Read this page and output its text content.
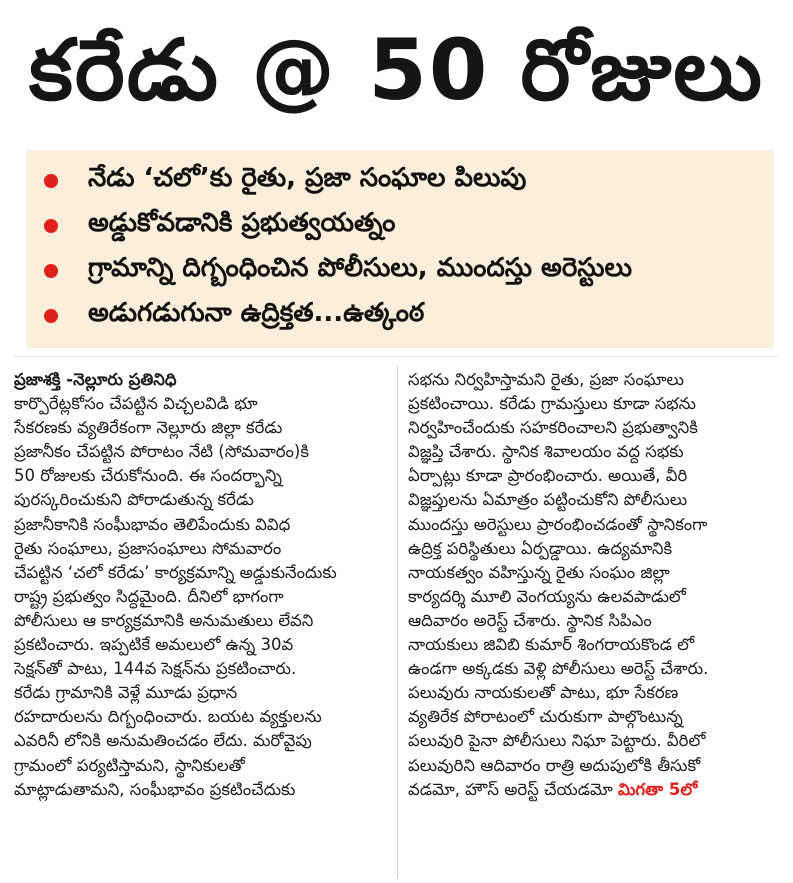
కరేడు @ 50 రోజులు
నేడు ‘చలో’కు రైతు, ప్రజా సంఘాల పిలుపు
అడ్డుకోవడానికి ప్రభుత్వయత్నం
గ్రామాన్ని దిగ్బంధించిన పోలీసులు, ముందస్తు అరెస్టులు
అడుగడుగునా ఉద్రిక్తత...ఉత్కంఠ
ప్రజాశక్తి -నెల్లూరు ప్రతినిధి
కార్పొరేట్లకోసం చేపట్టిన విచ్చలవిడి భూ
సేకరణకు వ్యతిరేకంగా నెల్లూరు జిల్లా కరేడు
ప్రజానీకం చేపట్టిన పోరాటం నేటి (సోమవారం)కి
50 రోజులకు చేరుకోనుంది. ఈ సందర్భాన్ని
పురస్కరించుకుని పోరాడుతున్న కరేడు
ప్రజానీకానికి సంఘీభావం తెలిపేందుకు వివిధ
రైతు సంఘాలు, ప్రజాసంఘాలు సోమవారం
చేపట్టిన ‘చలో కరేడు’ కార్యక్రమాన్ని అడ్డుకునేందుకు
రాష్ట్ర ప్రభుత్వం సిద్ధమైంది. దీనిలో భాగంగా
పోలీసులు ఆ కార్యక్రమానికి అనుమతులు లేవని
ప్రకటించారు. ఇప్పటికే అమలులో ఉన్న 30వ
సెక్షన్‌తో పాటు, 144వ సెక్షన్‌ను ప్రకటించారు.
కరేడు గ్రామానికి వెళ్లే మూడు ప్రధాన
రహదారులను దిగ్బంధించారు. బయట వ్యక్తులను
ఎవరినీ లోనికి అనుమతించడం లేదు. మరోవైపు
గ్రామంలో పర్యటిస్తామని, స్థానికులతో
మాట్లాడుతామని, సంఘీభావం ప్రకటించేదుకు
సభను నిర్వహిస్తామని రైతు, ప్రజా సంఘాలు
ప్రకటించాయి. కరేడు గ్రామస్తులు కూడా సభను
నిర్వహించేందుకు సహకరించాలని ప్రభుత్వానికి
విజ్ఞప్తి చేశారు. స్థానిక శివాలయం వద్ద సభకు
ఏర్పాట్లు కూడా ప్రారంభించారు. అయితే, వీరి
విజ్ఞప్తులను ఏమాత్రం పట్టించుకోని పోలీసులు
ముందస్తు అరెస్టులు ప్రారంభించడంతో స్థానికంగా
ఉద్రిక్త పరిస్థితులు ఏర్పడ్డాయి. ఉద్యమానికి
నాయకత్వం వహిస్తున్న రైతు సంఘం జిల్లా
కార్యదర్శి మూలి వెంగయ్యను ఉలవపాడులో
ఆదివారం అరెస్ట్ చేశారు. స్థానిక సిపిఎం
నాయకులు జివిబి కుమార్ శింగరాయకొండ లో
ఉండగా అక్కడకు వెళ్లి పోలీసులు అరెస్ట్ చేశారు.
పలువురు నాయకులతో పాటు, భూ సేకరణ
వ్యతిరేక పోరాటంలో చురుకుగా పాల్గొంటున్న
పలువురి పైనా పోలీసులు నిఘా పెట్టారు. వీరిలో
పలువురిని ఆదివారం రాత్రి అదుపులోకి తీసుకో
వడమో, హౌస్ అరెస్ట్ చేయడమో మిగతా 5లో
